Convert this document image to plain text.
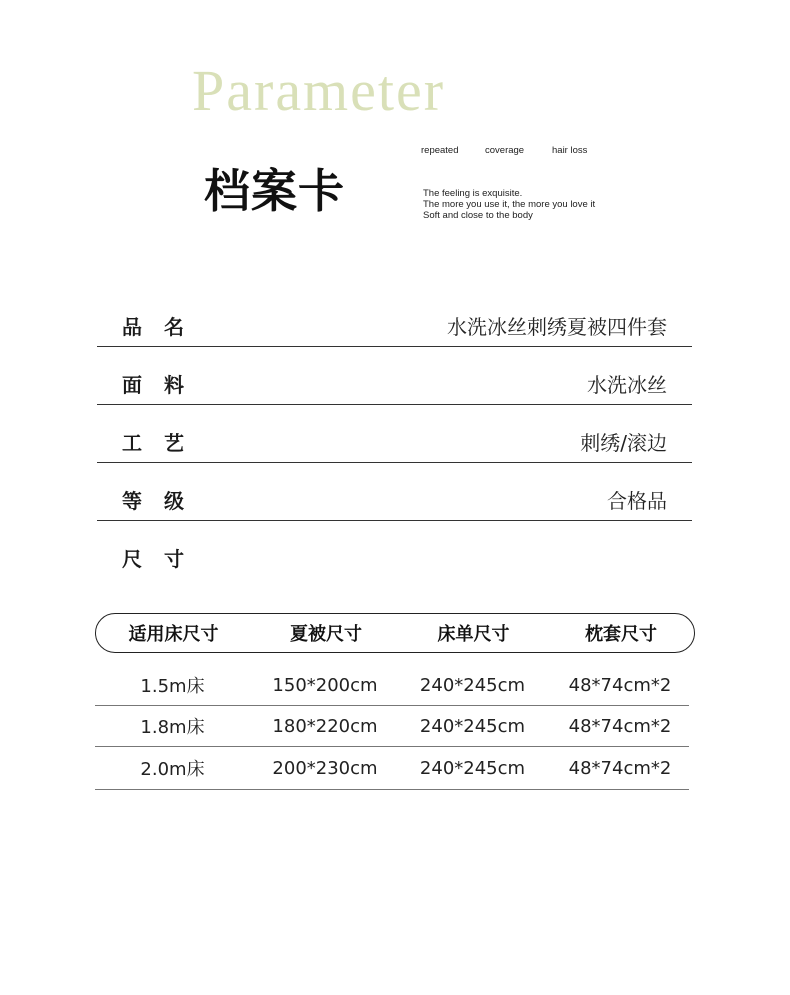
Parameter
档案卡
repeated	coverage	hair loss
The feeling is exquisite.
The more you use it, the more you love it
Soft and close to the body
品名	水洗冰丝刺绣夏被四件套
面料	水洗冰丝
工艺	刺绣/滚边
等级	合格品
尺寸
适用床尺寸	夏被尺寸	床单尺寸	枕套尺寸
1.5m床	150*200cm	240*245cm	48*74cm*2
1.8m床	180*220cm	240*245cm	48*74cm*2
2.0m床	200*230cm	240*245cm	48*74cm*2
